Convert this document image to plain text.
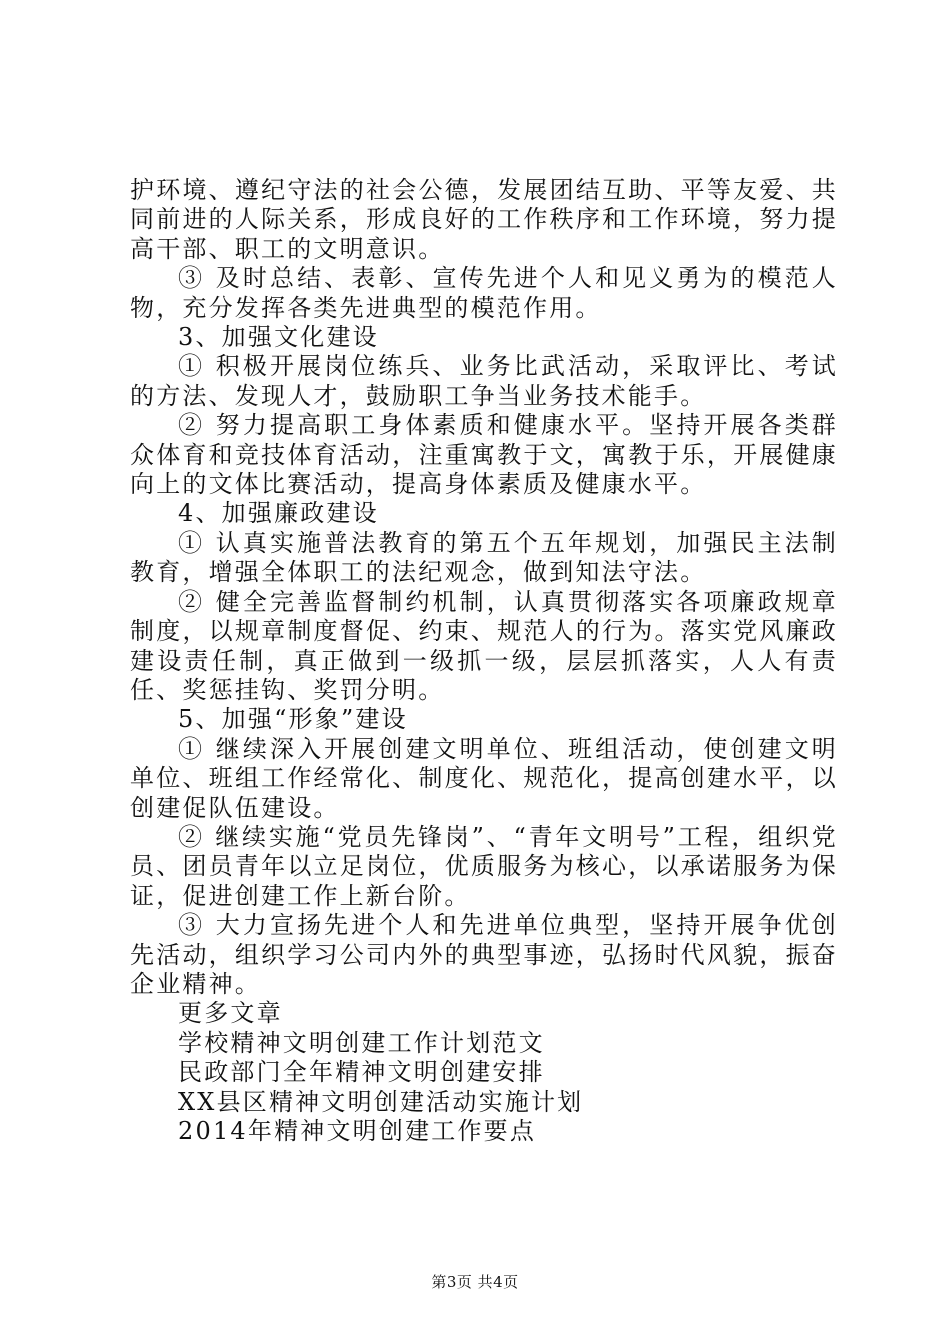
护环境、遵纪守法的社会公德，发展团结互助、平等友爱、共同前进的人际关系，形成良好的工作秩序和工作环境，努力提高干部、职工的文明意识。

③ 及时总结、表彰、宣传先进个人和见义勇为的模范人物，充分发挥各类先进典型的模范作用。

3、加强文化建设

① 积极开展岗位练兵、业务比武活动，采取评比、考试的方法、发现人才，鼓励职工争当业务技术能手。

② 努力提高职工身体素质和健康水平。坚持开展各类群众体育和竞技体育活动，注重寓教于文，寓教于乐，开展健康向上的文体比赛活动，提高身体素质及健康水平。

4、加强廉政建设

① 认真实施普法教育的第五个五年规划，加强民主法制教育，增强全体职工的法纪观念，做到知法守法。

② 健全完善监督制约机制，认真贯彻落实各项廉政规章制度，以规章制度督促、约束、规范人的行为。落实党风廉政建设责任制，真正做到一级抓一级，层层抓落实，人人有责任、奖惩挂钩、奖罚分明。

5、加强“形象”建设

① 继续深入开展创建文明单位、班组活动，使创建文明单位、班组工作经常化、制度化、规范化，提高创建水平，以创建促队伍建设。

② 继续实施“党员先锋岗”、“青年文明号”工程，组织党员、团员青年以立足岗位，优质服务为核心，以承诺服务为保证，促进创建工作上新台阶。

③ 大力宣扬先进个人和先进单位典型，坚持开展争优创先活动，组织学习公司内外的典型事迹，弘扬时代风貌，振奋企业精神。

更多文章

学校精神文明创建工作计划范文
民政部门全年精神文明创建安排
XX县区精神文明创建活动实施计划
2014年精神文明创建工作要点
第3页 共4页
